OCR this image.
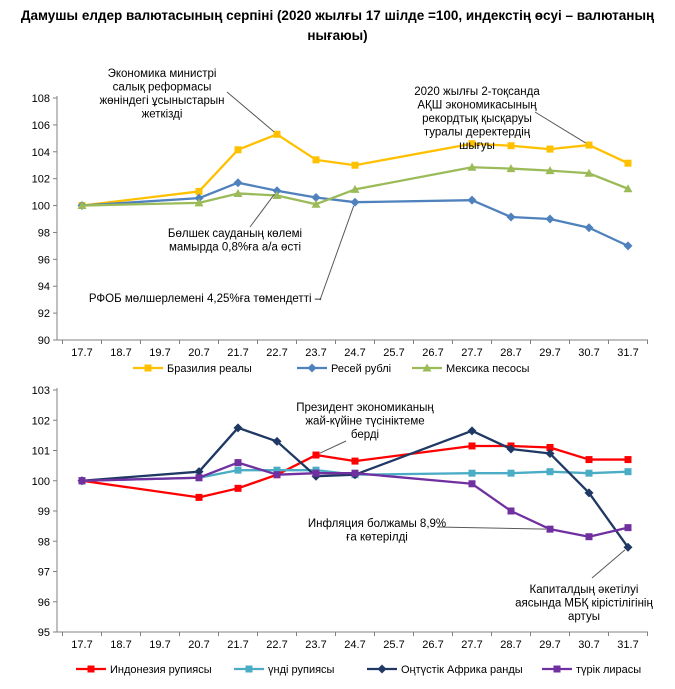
Дамушы елдер валютасының серпіні (2020 жылғы 17 шілде =100, индекстің өсуі – валютаның
нығаюы)
90
92
94
96
98
100
102
104
106
108
17.7 18.7 19.7 20.7 21.7 22.7 23.7 24.7 25.7 26.7 27.7 28.7 29.7 30.7 31.7
Экономика министрі
салық реформасы
жөніндегі ұсыныстарын
жеткізді
2020 жылғы 2-тоқсанда
АҚШ экономикасының
рекордтық қысқаруы
туралы деректердің
шығуы
Бөлшек сауданың көлемі
мамырда 0,8%ға а/а өсті
РФОБ мөлшерлемені 4,25%ға төмендетті –
Бразилия реалы	Ресей рублі	Мексика песосы
95
96
97
98
99
100
101
102
103
17.7 18.7 19.7 20.7 21.7 22.7 23.7 24.7 25.7 26.7 27.7 28.7 29.7 30.7 31.7
Президент экономиканың
жай-күйіне түсініктеме
берді
Инфляция болжамы 8,9%
ға көтерілді
Капиталдың әкетілуі
аясында МБҚ кірістілігінің
артуы
Индонезия рупиясы	үнді рупиясы	Оңтүстік Африка ранды	түрік лирасы
